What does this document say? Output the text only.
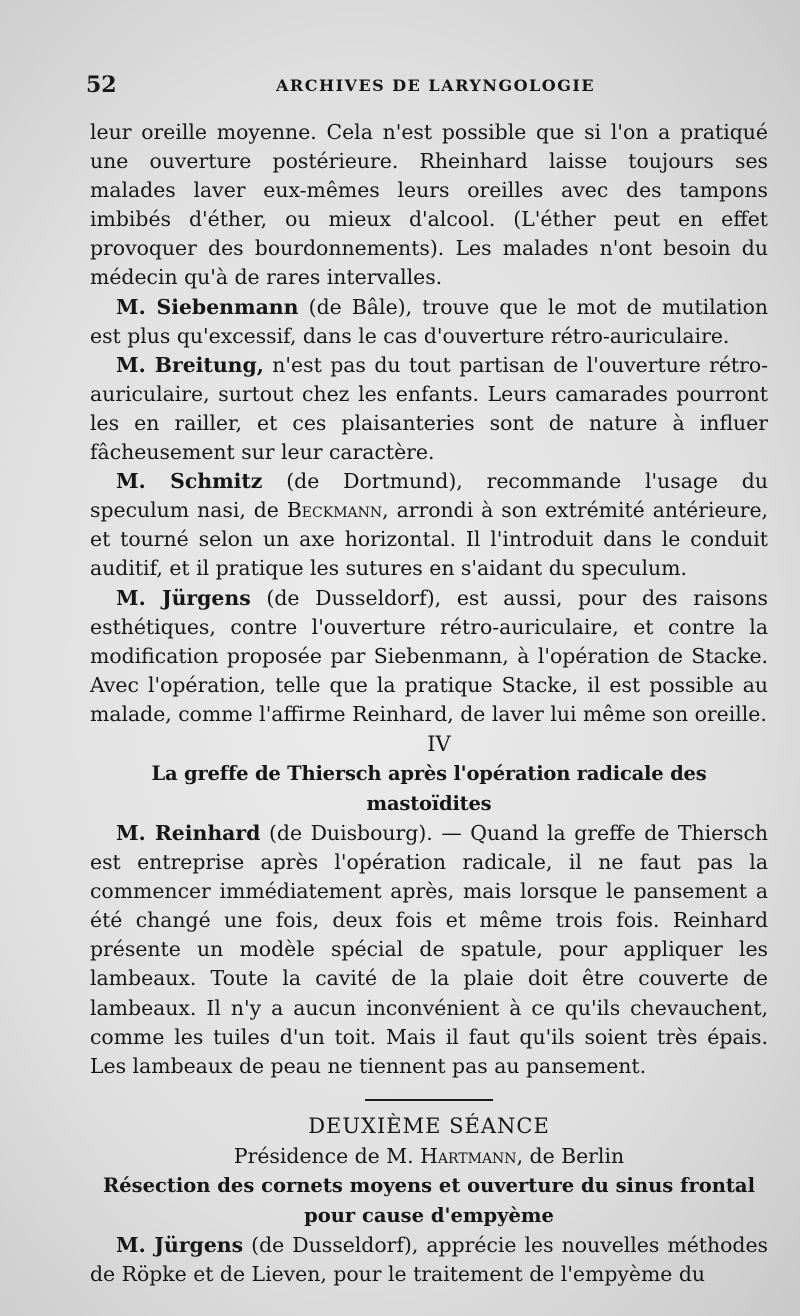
52	ARCHIVES DE LARYNGOLOGIE

leur oreille moyenne. Cela n'est possible que si l'on a pratiqué une ouverture postérieure. Rheinhard laisse toujours ses malades laver eux-mêmes leurs oreilles avec des tampons imbibés d'éther, ou mieux d'alcool. (L'éther peut en effet provoquer des bourdonnements). Les malades n'ont besoin du médecin qu'à de rares intervalles.

M. Siebenmann (de Bâle), trouve que le mot de mutilation est plus qu'excessif, dans le cas d'ouverture rétro-auriculaire.

M. Breitung, n'est pas du tout partisan de l'ouverture rétro-auriculaire, surtout chez les enfants. Leurs camarades pourront les en railler, et ces plaisanteries sont de nature à influer fâcheusement sur leur caractère.

M. Schmitz (de Dortmund), recommande l'usage du speculum nasi, de Beckmann, arrondi à son extrémité antérieure, et tourné selon un axe horizontal. Il l'introduit dans le conduit auditif, et il pratique les sutures en s'aidant du speculum.

M. Jürgens (de Dusseldorf), est aussi, pour des raisons esthétiques, contre l'ouverture rétro-auriculaire, et contre la modification proposée par Siebenmann, à l'opération de Stacke. Avec l'opération, telle que la pratique Stacke, il est possible au malade, comme l'affirme Reinhard, de laver lui même son oreille.

IV

La greffe de Thiersch après l'opération radicale des mastoïdites

M. Reinhard (de Duisbourg). — Quand la greffe de Thiersch est entreprise après l'opération radicale, il ne faut pas la commencer immédiatement après, mais lorsque le pansement a été changé une fois, deux fois et même trois fois. Reinhard présente un modèle spécial de spatule, pour appliquer les lambeaux. Toute la cavité de la plaie doit être couverte de lambeaux. Il n'y a aucun inconvénient à ce qu'ils chevauchent, comme les tuiles d'un toit. Mais il faut qu'ils soient très épais. Les lambeaux de peau ne tiennent pas au pansement.

DEUXIÈME SÉANCE

Présidence de M. Hartmann, de Berlin

Résection des cornets moyens et ouverture du sinus frontal

pour cause d'empyème

M. Jürgens (de Dusseldorf), apprécie les nouvelles méthodes de Röpke et de Lieven, pour le traitement de l'empyème du
